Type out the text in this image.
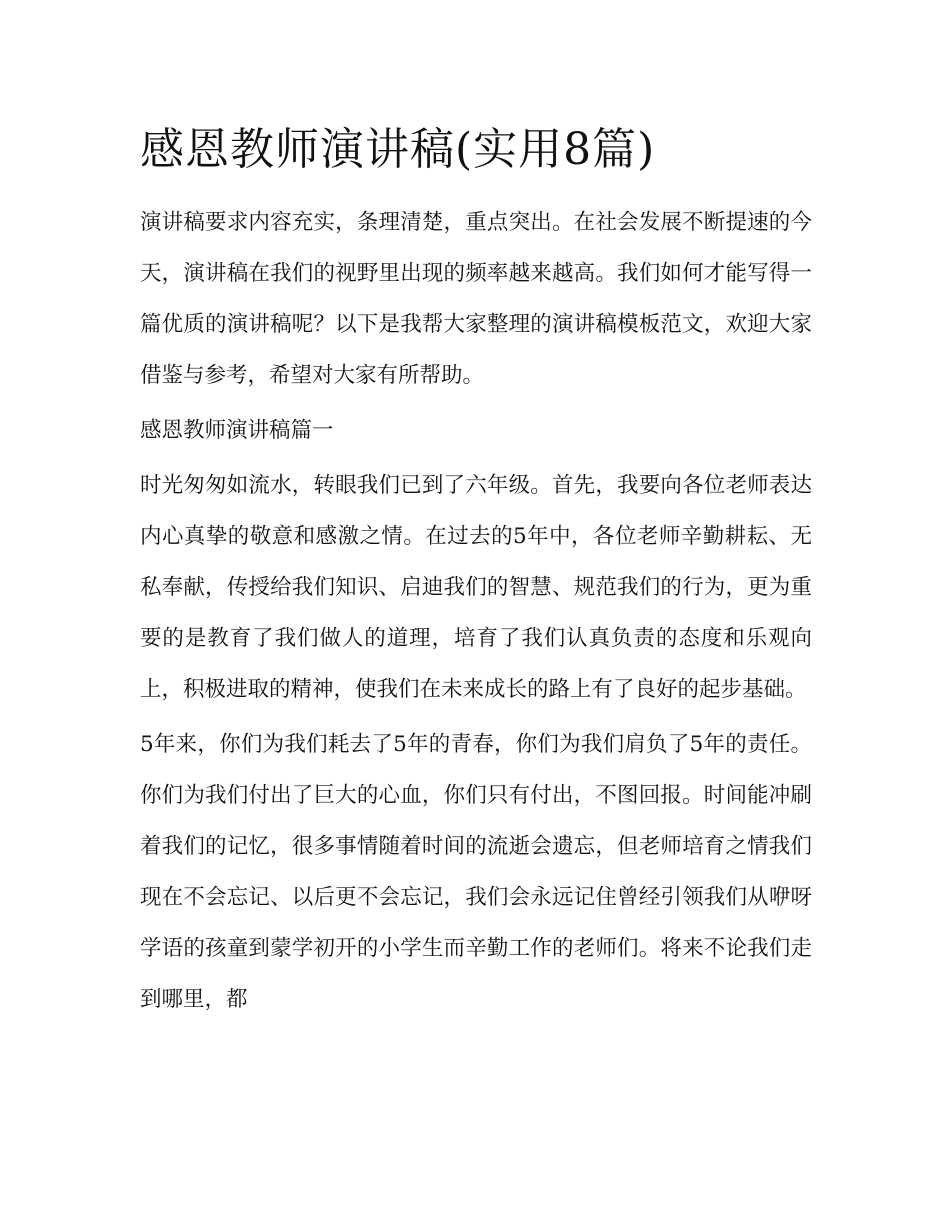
感恩教师演讲稿(实用8篇)

演讲稿要求内容充实，条理清楚，重点突出。在社会发展不断提速的今天，演讲稿在我们的视野里出现的频率越来越高。我们如何才能写得一篇优质的演讲稿呢？以下是我帮大家整理的演讲稿模板范文，欢迎大家借鉴与参考，希望对大家有所帮助。

感恩教师演讲稿篇一

时光匆匆如流水，转眼我们已到了六年级。首先，我要向各位老师表达内心真挚的敬意和感激之情。在过去的5年中，各位老师辛勤耕耘、无私奉献，传授给我们知识、启迪我们的智慧、规范我们的行为，更为重要的是教育了我们做人的道理，培育了我们认真负责的态度和乐观向上，积极进取的精神，使我们在未来成长的路上有了良好的起步基础。

5年来，你们为我们耗去了5年的青春，你们为我们肩负了5年的责任。你们为我们付出了巨大的心血，你们只有付出，不图回报。时间能冲刷着我们的记忆，很多事情随着时间的流逝会遗忘，但老师培育之情我们现在不会忘记、以后更不会忘记，我们会永远记住曾经引领我们从咿呀学语的孩童到蒙学初开的小学生而辛勤工作的老师们。将来不论我们走到哪里，都
